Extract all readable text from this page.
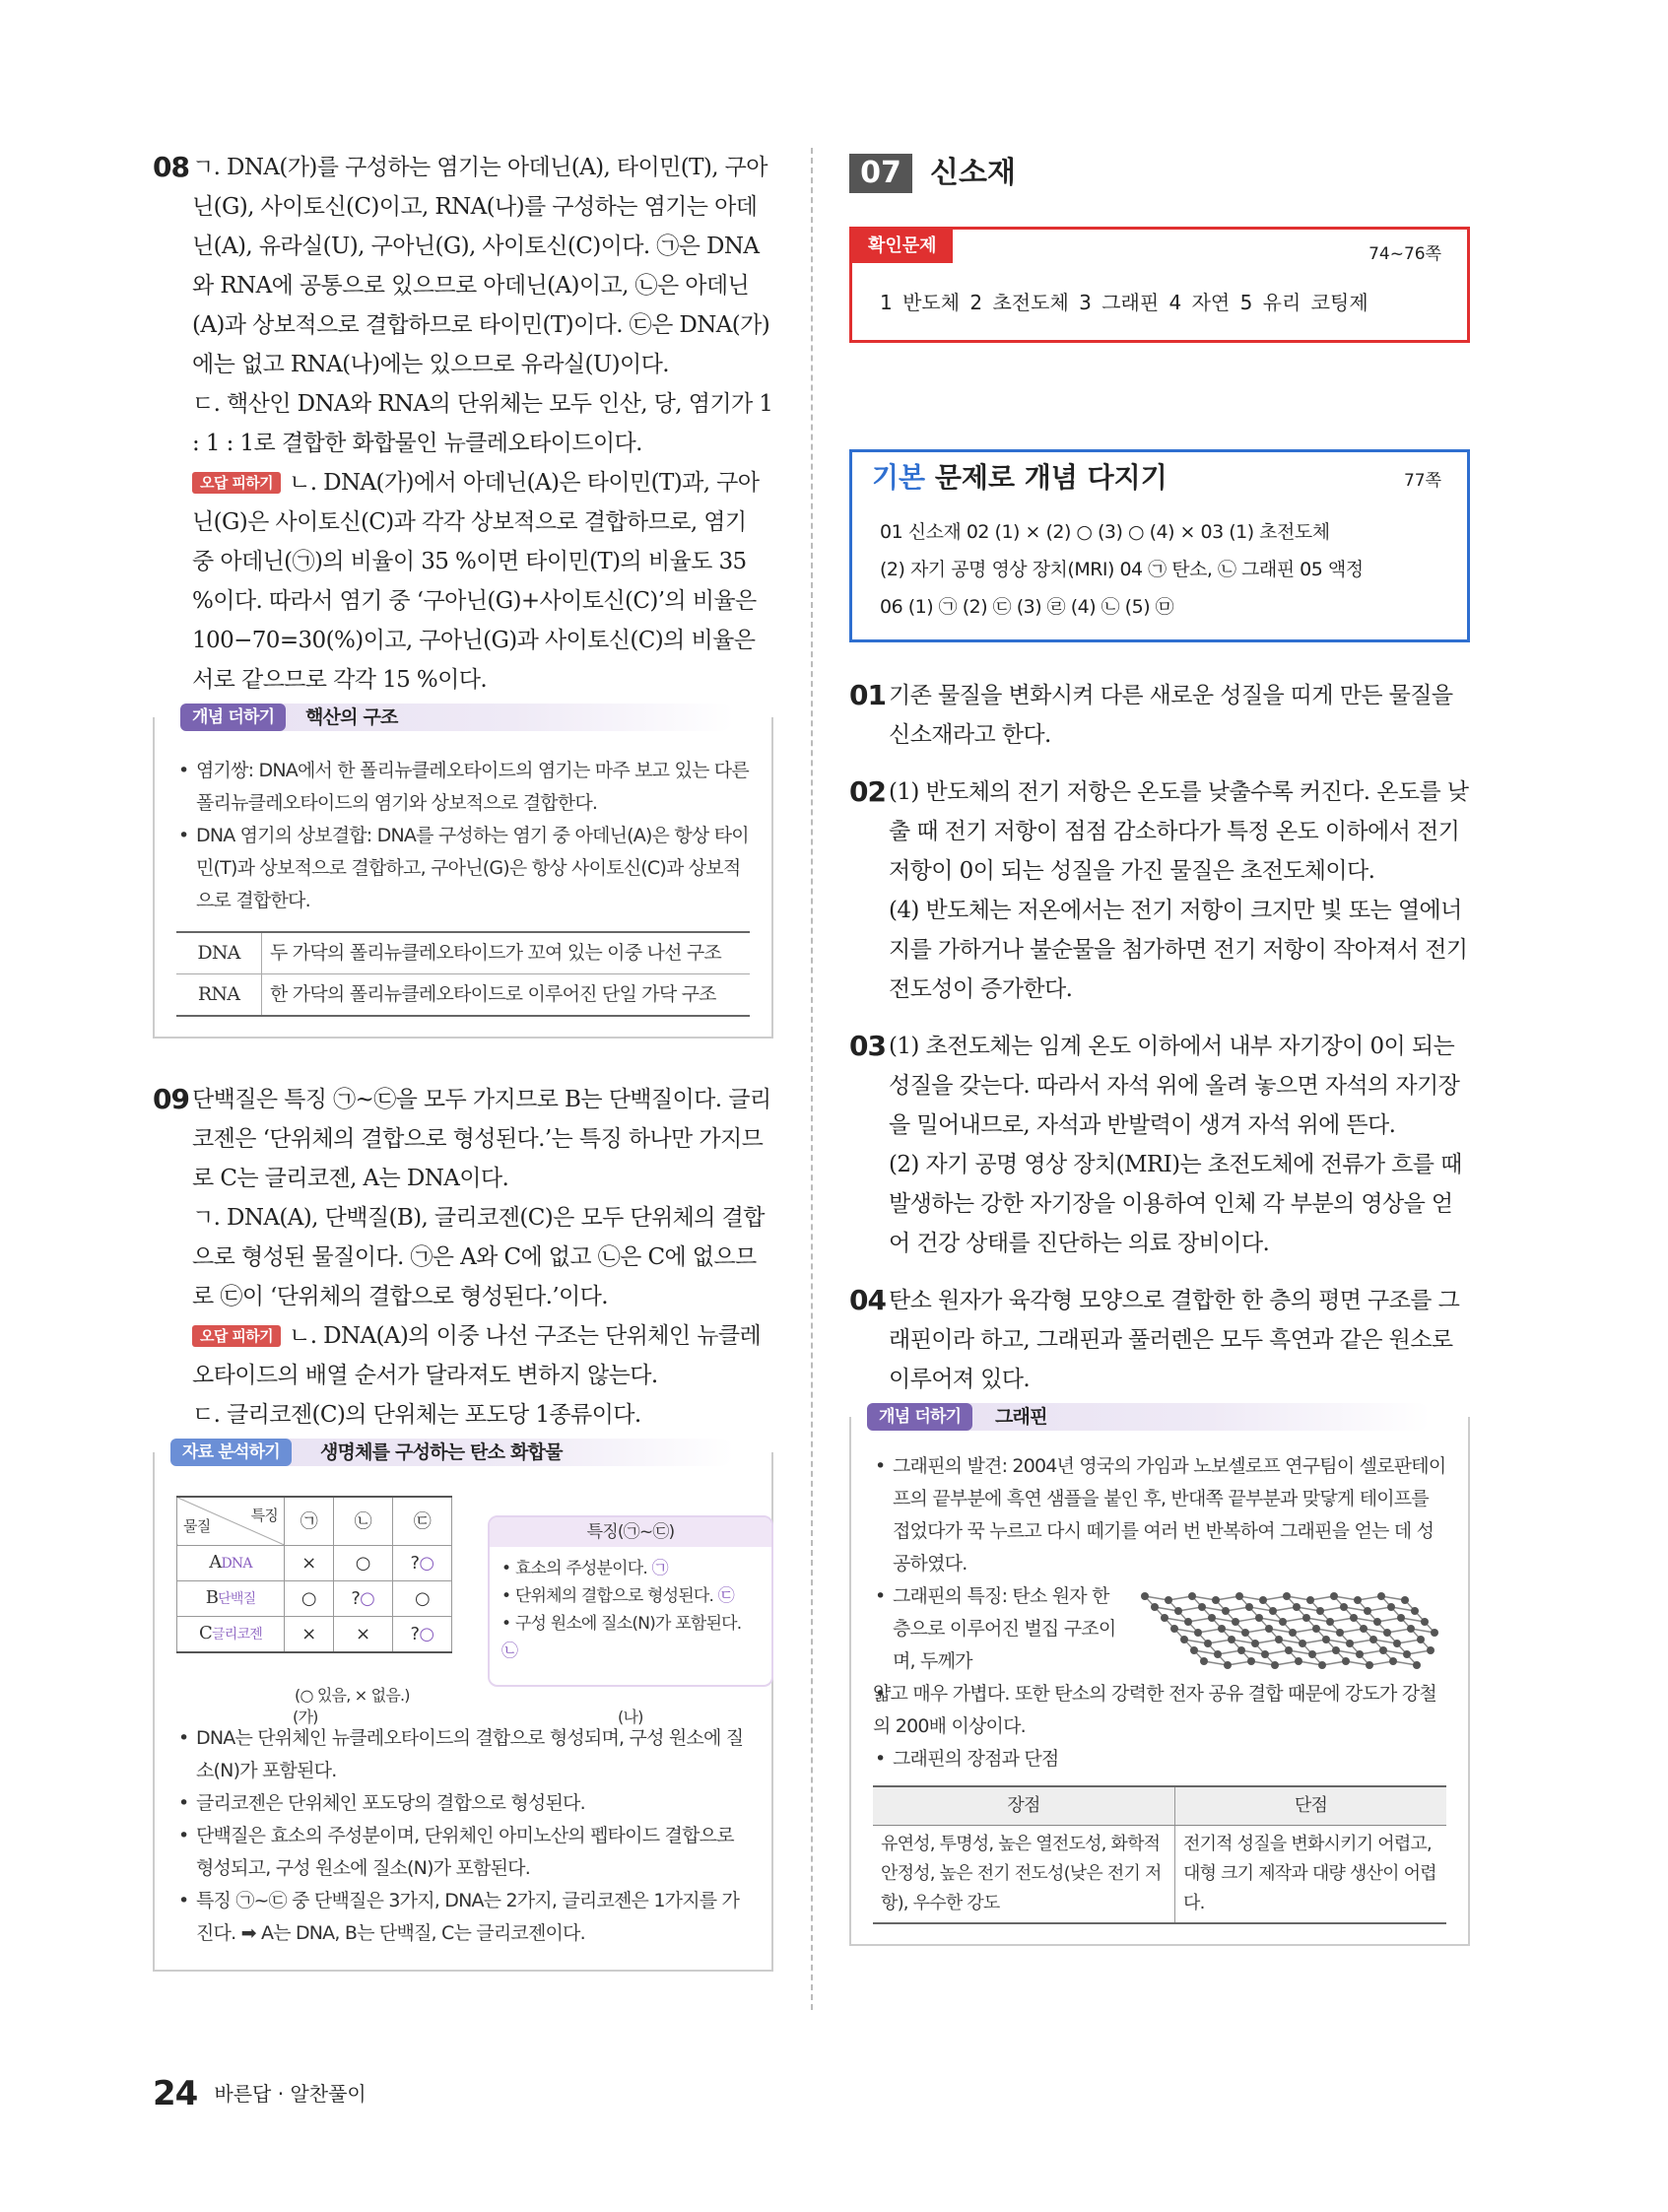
08 ㄱ. DNA(가)를 구성하는 염기는 아데닌(A), 타이민(T), 구아닌(G), 사이토신(C)이고, RNA(나)를 구성하는 염기는 아데닌(A), 유라실(U), 구아닌(G), 사이토신(C)이다. ㉠은 DNA와 RNA에 공통으로 있으므로 아데닌(A)이고, ㉡은 아데닌(A)과 상보적으로 결합하므로 타이민(T)이다. ㉢은 DNA(가)에는 없고 RNA(나)에는 있으므로 유라실(U)이다.

ㄷ. 핵산인 DNA와 RNA의 단위체는 모두 인산, 당, 염기가 1 : 1 : 1로 결합한 화합물인 뉴클레오타이드이다.

오답 피하기 ㄴ. DNA(가)에서 아데닌(A)은 타이민(T)과, 구아닌(G)은 사이토신(C)과 각각 상보적으로 결합하므로, 염기 중 아데닌(㉠)의 비율이 35 %이면 타이민(T)의 비율도 35 %이다. 따라서 염기 중 ‘구아닌(G)+사이토신(C)’의 비율은 100−70=30(%)이고, 구아닌(G)과 사이토신(C)의 비율은 서로 같으므로 각각 15 %이다.

개념 더하기	핵산의 구조
• 염기쌍: DNA에서 한 폴리뉴클레오타이드의 염기는 마주 보고 있는 다른 폴리뉴클레오타이드의 염기와 상보적으로 결합한다.
• DNA 염기의 상보결합: DNA를 구성하는 염기 중 아데닌(A)은 항상 타이민(T)과 상보적으로 결합하고, 구아닌(G)은 항상 사이토신(C)과 상보적으로 결합한다.
DNA	두 가닥의 폴리뉴클레오타이드가 꼬여 있는 이중 나선 구조
RNA	한 가닥의 폴리뉴클레오타이드로 이루어진 단일 가닥 구조
09 단백질은 특징 ㉠~㉢을 모두 가지므로 B는 단백질이다. 글리코젠은 ‘단위체의 결합으로 형성된다.’는 특징 하나만 가지므로 C는 글리코젠, A는 DNA이다.

ㄱ. DNA(A), 단백질(B), 글리코젠(C)은 모두 단위체의 결합으로 형성된 물질이다. ㉠은 A와 C에 없고 ㉡은 C에 없으므로 ㉢이 ‘단위체의 결합으로 형성된다.’이다.

오답 피하기 ㄴ. DNA(A)의 이중 나선 구조는 단위체인 뉴클레오타이드의 배열 순서가 달라져도 변하지 않는다.

ㄷ. 글리코젠(C)의 단위체는 포도당 1종류이다.

자료 분석하기	생명체를 구성하는 탄소 화합물
특징
물질	㉠	㉡	㉢
ADNA	×	○	?○
B단백질	○	?○	○
C글리코젠	×	×	?○
(○ 있음, × 없음.)
(가)
특징(㉠~㉢)
• 효소의 주성분이다. ㉠
• 단위체의 결합으로 형성된다. ㉢
• 구성 원소에 질소(N)가 포함된다. ㉡
(나)
• DNA는 단위체인 뉴클레오타이드의 결합으로 형성되며, 구성 원소에 질소(N)가 포함된다.
• 글리코젠은 단위체인 포도당의 결합으로 형성된다.
• 단백질은 효소의 주성분이며, 단위체인 아미노산의 펩타이드 결합으로 형성되고, 구성 원소에 질소(N)가 포함된다.
• 특징 ㉠~㉢ 중 단백질은 3가지, DNA는 2가지, 글리코젠은 1가지를 가진다. ➡ A는 DNA, B는 단백질, C는 글리코젠이다.
07 신소재
확인문제	74~76쪽
1 반도체 2 초전도체 3 그래핀 4 자연 5 유리 코팅제
기본 문제로 개념 다지기	77쪽
01 신소재 02 (1) × (2) ○ (3) ○ (4) × 03 (1) 초전도체
(2) 자기 공명 영상 장치(MRI) 04 ㉠ 탄소, ㉡ 그래핀 05 액정
06 (1) ㉠ (2) ㉢ (3) ㉣ (4) ㉡ (5) ㉤
01 기존 물질을 변화시켜 다른 새로운 성질을 띠게 만든 물질을 신소재라고 한다.

02 (1) 반도체의 전기 저항은 온도를 낮출수록 커진다. 온도를 낮출 때 전기 저항이 점점 감소하다가 특정 온도 이하에서 전기 저항이 0이 되는 성질을 가진 물질은 초전도체이다.

(4) 반도체는 저온에서는 전기 저항이 크지만 빛 또는 열에너지를 가하거나 불순물을 첨가하면 전기 저항이 작아져서 전기 전도성이 증가한다.

03 (1) 초전도체는 임계 온도 이하에서 내부 자기장이 0이 되는 성질을 갖는다. 따라서 자석 위에 올려 놓으면 자석의 자기장을 밀어내므로, 자석과 반발력이 생겨 자석 위에 뜬다.

(2) 자기 공명 영상 장치(MRI)는 초전도체에 전류가 흐를 때 발생하는 강한 자기장을 이용하여 인체 각 부분의 영상을 얻어 건강 상태를 진단하는 의료 장비이다.

04 탄소 원자가 육각형 모양으로 결합한 한 층의 평면 구조를 그래핀이라 하고, 그래핀과 풀러렌은 모두 흑연과 같은 원소로 이루어져 있다.

개념 더하기	그래핀
• 그래핀의 발견: 2004년 영국의 가임과 노보셀로프 연구팀이 셀로판테이프의 끝부분에 흑연 샘플을 붙인 후, 반대쪽 끝부분과 맞닿게 테이프를 접었다가 꾹 누르고 다시 떼기를 여러 번 반복하여 그래핀을 얻는 데 성공하였다.
• 그래핀의 특징: 탄소 원자 한 층으로 이루어진 벌집 구조이며, 두께가
• 얇고 매우 가볍다. 또한 탄소의 강력한 전자 공유 결합 때문에 강도가 강철의 200배 이상이다.
• 그래핀의 장점과 단점
장점	단점
유연성, 투명성, 높은 열전도성, 화학적 안정성, 높은 전기 전도성(낮은 전기 저항), 우수한 강도	전기적 성질을 변화시키기 어렵고, 대형 크기 제작과 대량 생산이 어렵다.
24 바른답 · 알찬풀이
